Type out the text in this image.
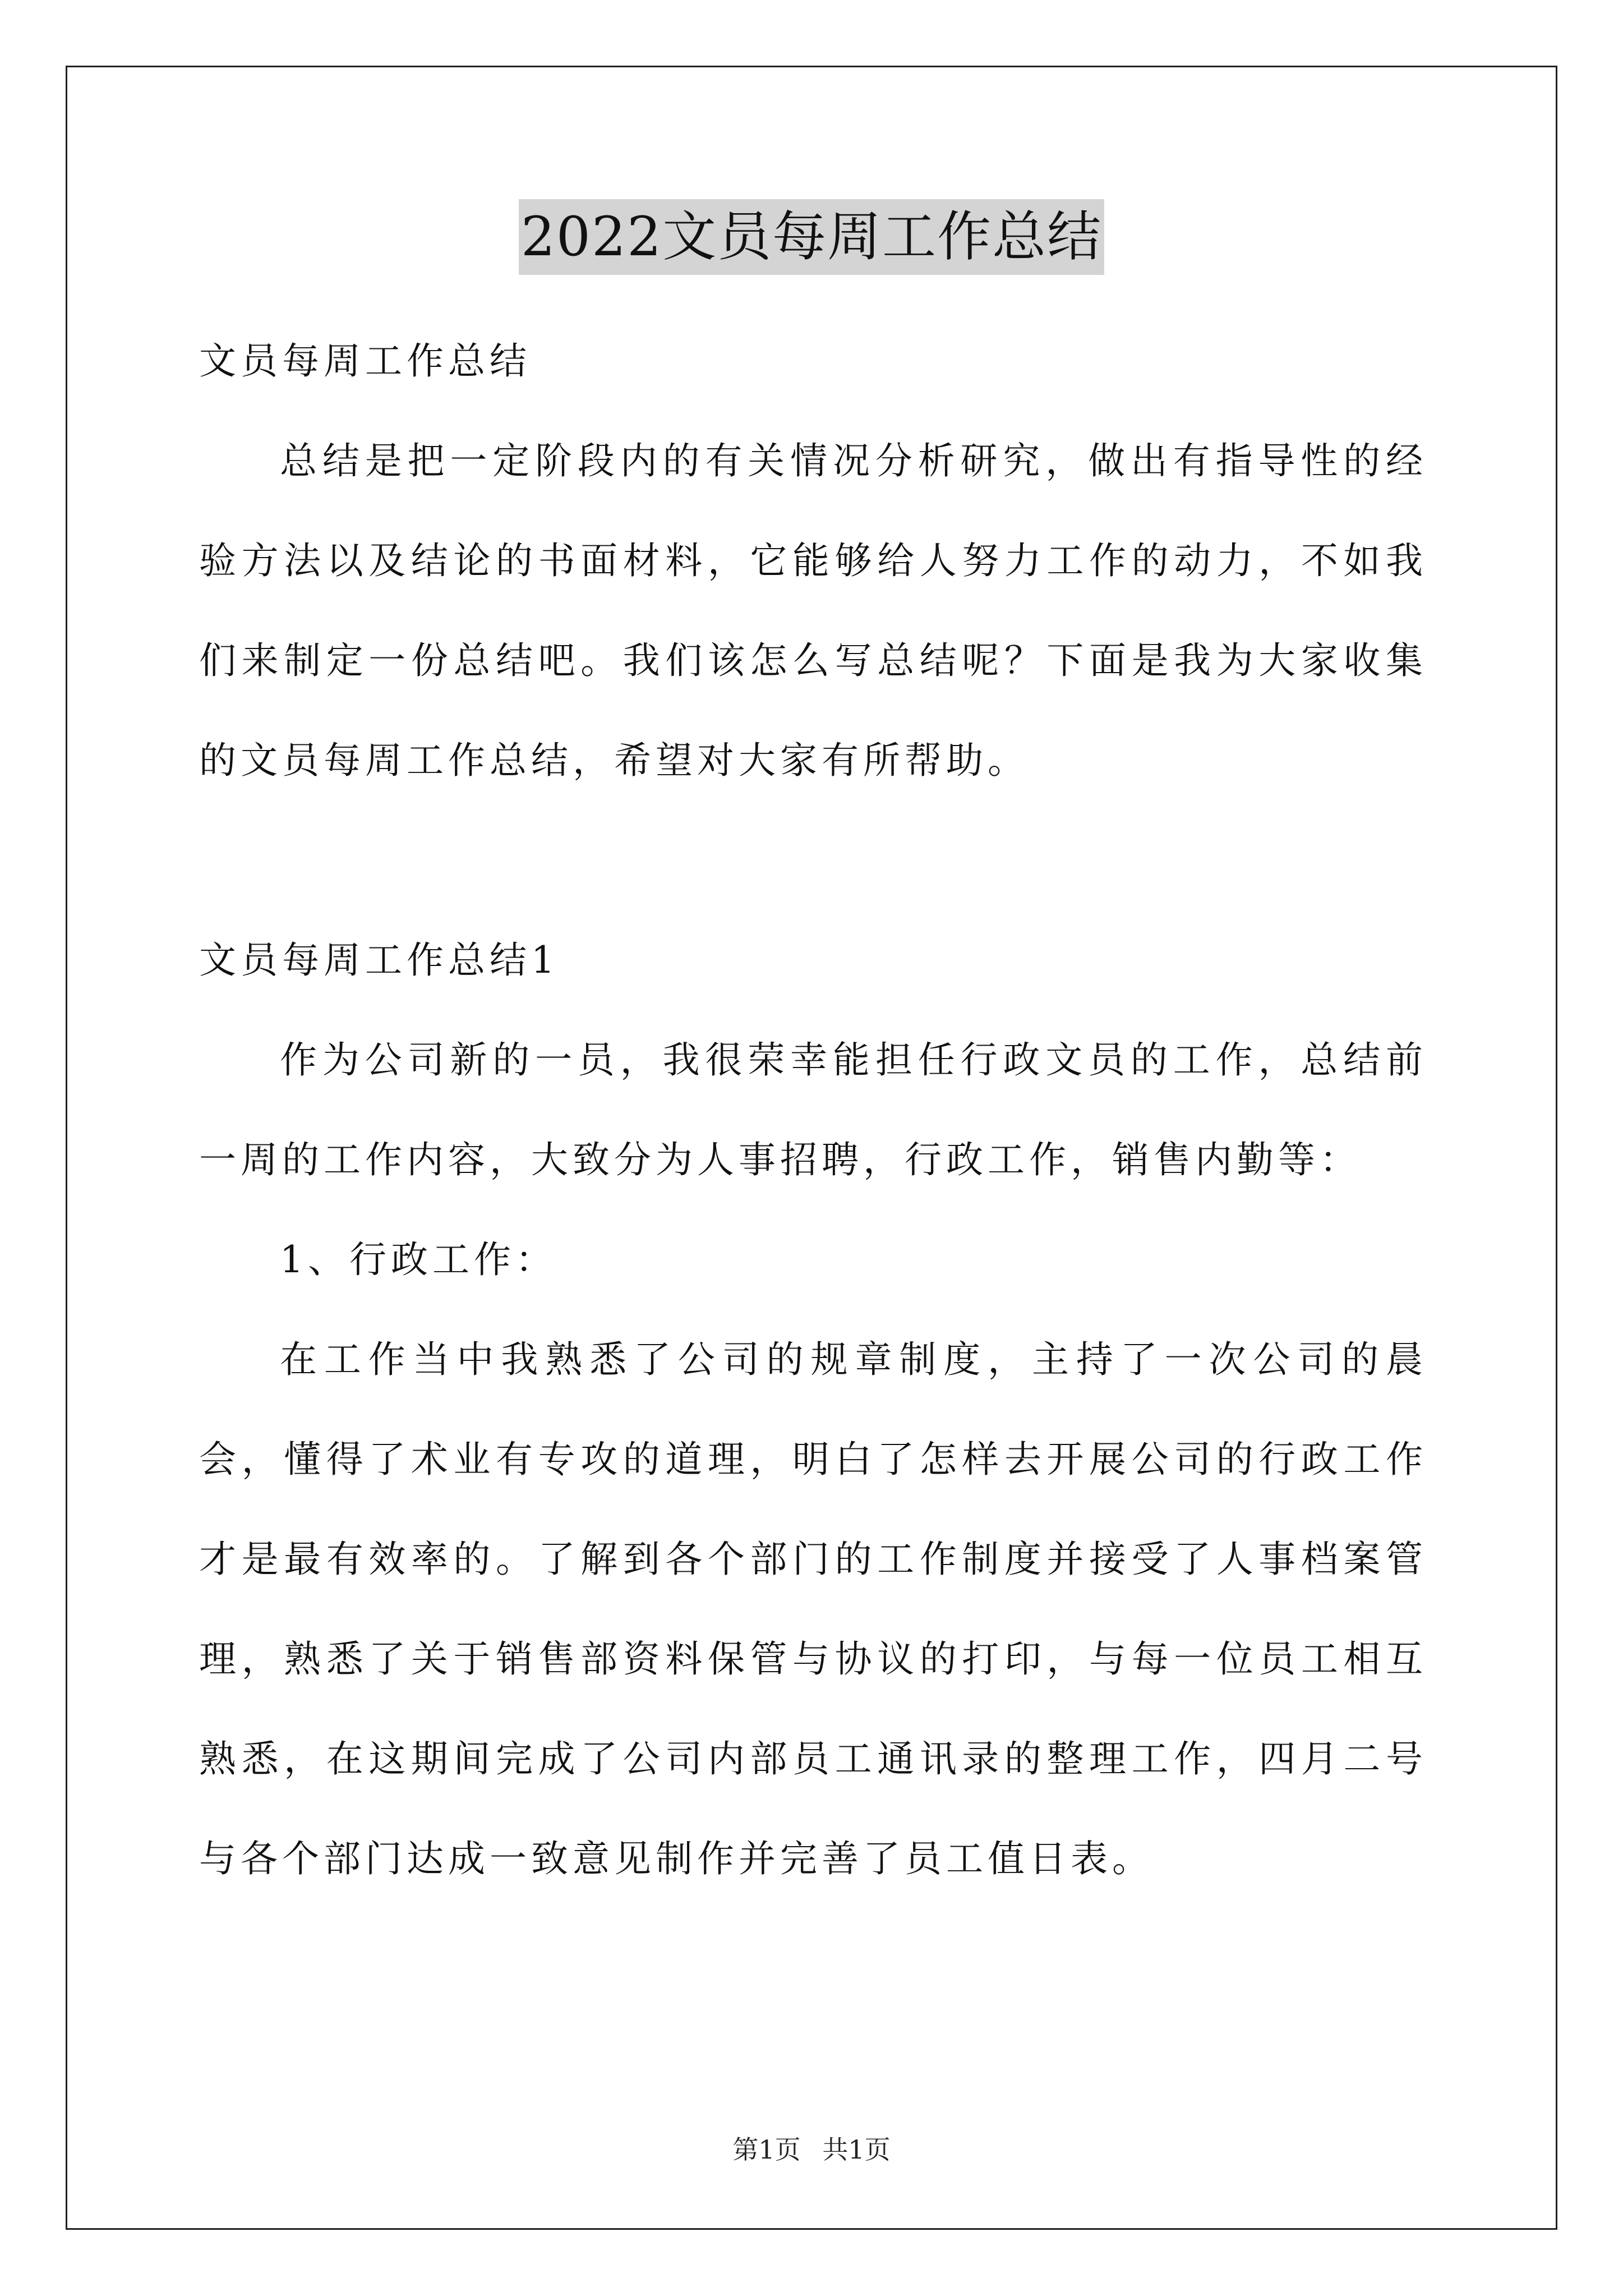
2022文员每周工作总结

文员每周工作总结

总结是把一定阶段内的有关情况分析研究，做出有指导性的经验方法以及结论的书面材料，它能够给人努力工作的动力，不如我们来制定一份总结吧。我们该怎么写总结呢？下面是我为大家收集的文员每周工作总结，希望对大家有所帮助。

文员每周工作总结1

作为公司新的一员，我很荣幸能担任行政文员的工作，总结前一周的工作内容，大致分为人事招聘，行政工作，销售内勤等：

1、行政工作：

在工作当中我熟悉了公司的规章制度，主持了一次公司的晨会，懂得了术业有专攻的道理，明白了怎样去开展公司的行政工作才是最有效率的。了解到各个部门的工作制度并接受了人事档案管理，熟悉了关于销售部资料保管与协议的打印，与每一位员工相互熟悉，在这期间完成了公司内部员工通讯录的整理工作，四月二号与各个部门达成一致意见制作并完善了员工值日表。

第1页 共1页
